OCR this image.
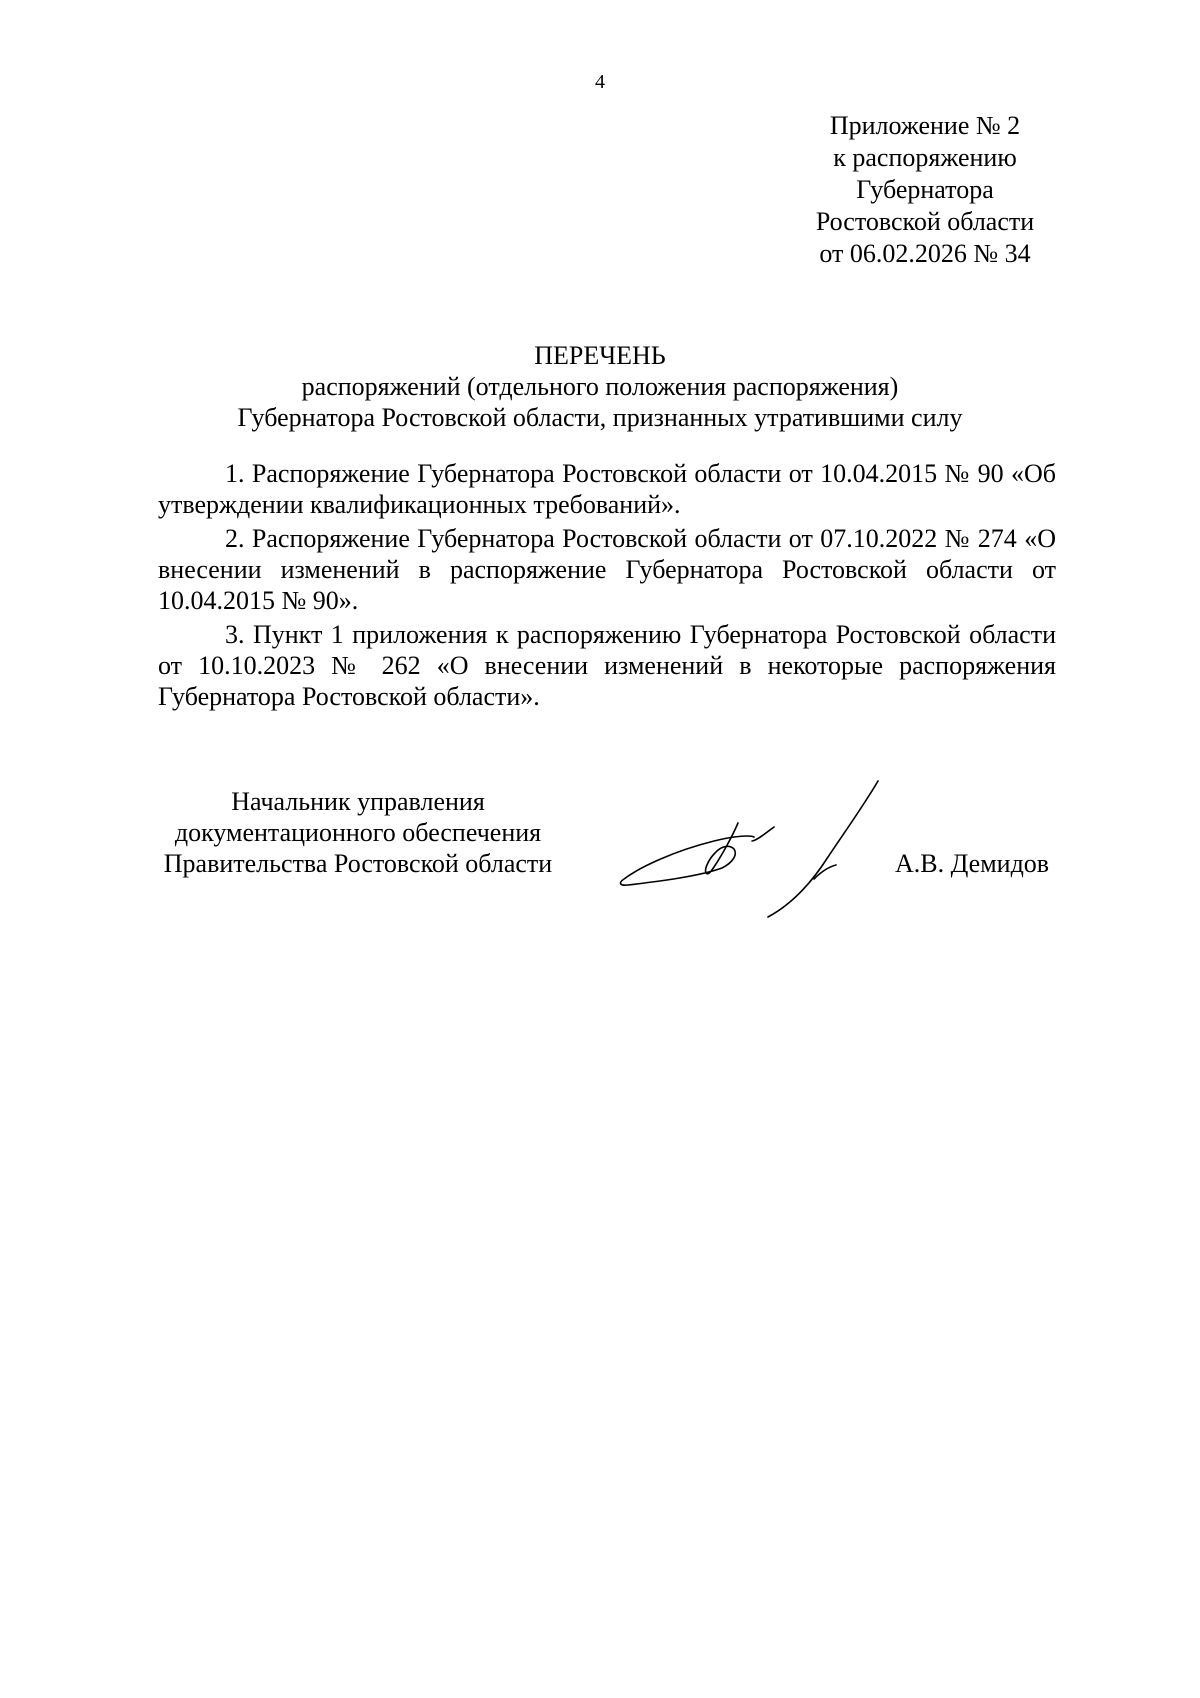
4
Приложение № 2
к распоряжению
Губернатора
Ростовской области
от 06.02.2026 № 34
ПЕРЕЧЕНЬ
распоряжений (отдельного положения распоряжения)
Губернатора Ростовской области, признанных утратившими силу

1. Распоряжение Губернатора Ростовской области от 10.04.2015 № 90 «Об утверждении квалификационных требований».

2. Распоряжение Губернатора Ростовской области от 07.10.2022 № 274 «О внесении изменений в распоряжение Губернатора Ростовской области от 10.04.2015 № 90».

3. Пункт 1 приложения к распоряжению Губернатора Ростовской области от 10.10.2023 № 262 «О внесении изменений в некоторые распоряжения Губернатора Ростовской области».

Начальник управления
документационного обеспечения
Правительства Ростовской области	А.В. Демидов
